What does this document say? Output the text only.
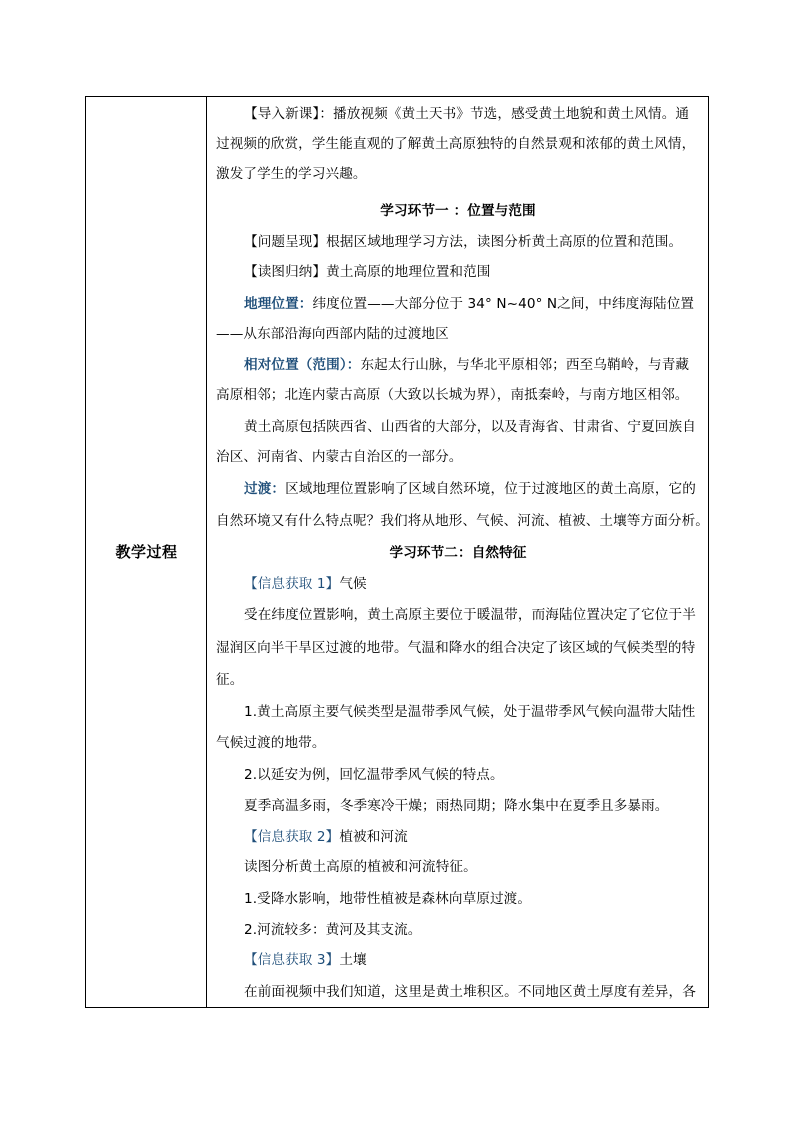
教学过程
【导入新课】：播放视频《黄土天书》节选，感受黄土地貌和黄土风情。通
过视频的欣赏，学生能直观的了解黄土高原独特的自然景观和浓郁的黄土风情，
激发了学生的学习兴趣。
学习环节一 ：位置与范围
【问题呈现】根据区域地理学习方法，读图分析黄土高原的位置和范围。
【读图归纳】黄土高原的地理位置和范围
地理位置：纬度位置——大部分位于 34° N~40° N之间，中纬度海陆位置
——从东部沿海向西部内陆的过渡地区
相对位置（范围）：东起太行山脉，与华北平原相邻；西至乌鞘岭，与青藏
高原相邻；北连内蒙古高原（大致以长城为界），南抵秦岭，与南方地区相邻。
黄土高原包括陕西省、山西省的大部分，以及青海省、甘肃省、宁夏回族自
治区、河南省、内蒙古自治区的一部分。
过渡：区域地理位置影响了区域自然环境，位于过渡地区的黄土高原，它的
自然环境又有什么特点呢？我们将从地形、气候、河流、植被、土壤等方面分析。
学习环节二：自然特征
【信息获取 1】气候
受在纬度位置影响，黄土高原主要位于暖温带，而海陆位置决定了它位于半
湿润区向半干旱区过渡的地带。气温和降水的组合决定了该区域的气候类型的特
征。
1.黄土高原主要气候类型是温带季风气候，处于温带季风气候向温带大陆性
气候过渡的地带。
2.以延安为例，回忆温带季风气候的特点。
夏季高温多雨，冬季寒冷干燥；雨热同期；降水集中在夏季且多暴雨。
【信息获取 2】植被和河流
读图分析黄土高原的植被和河流特征。
1.受降水影响，地带性植被是森林向草原过渡。
2.河流较多：黄河及其支流。
【信息获取 3】土壤
在前面视频中我们知道，这里是黄土堆积区。不同地区黄土厚度有差异，各
